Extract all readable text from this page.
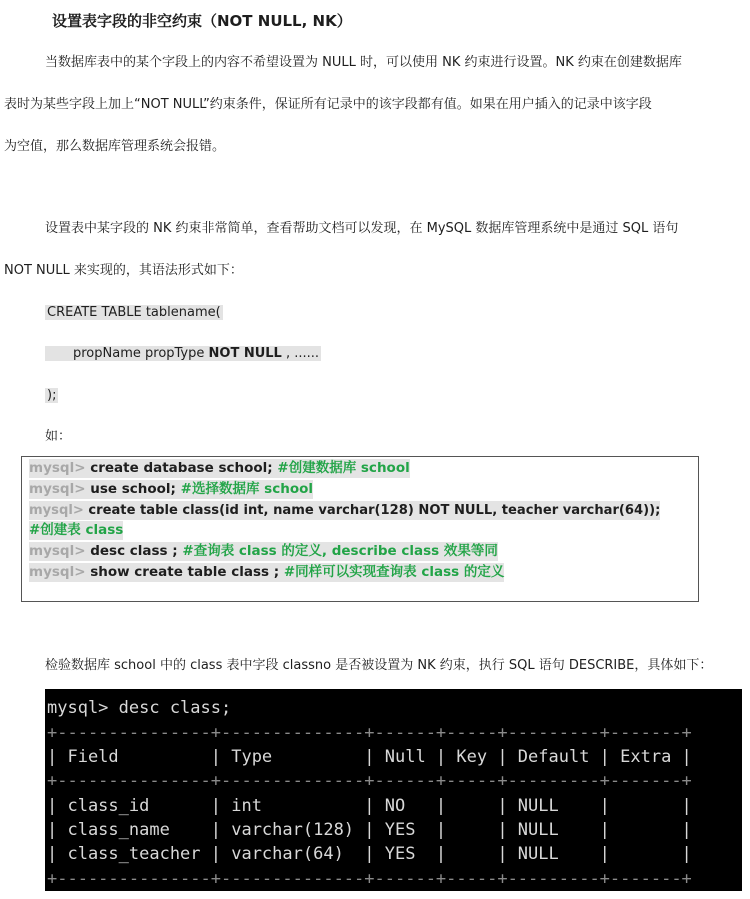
设置表字段的非空约束（NOT NULL, NK）
当数据库表中的某个字段上的内容不希望设置为 NULL 时，可以使用 NK 约束进行设置。NK 约束在创建数据库
表时为某些字段上加上“NOT NULL”约束条件，保证所有记录中的该字段都有值。如果在用户插入的记录中该字段
为空值，那么数据库管理系统会报错。
设置表中某字段的 NK 约束非常简单，查看帮助文档可以发现，在 MySQL 数据库管理系统中是通过 SQL 语句
NOT NULL 来实现的，其语法形式如下：
CREATE TABLE tablename(
propName propType NOT NULL , ......
);
如：
mysql> create database school; #创建数据库 school
mysql> use school; #选择数据库 school
mysql> create table class(id int, name varchar(128) NOT NULL, teacher varchar(64));
#创建表 class
mysql> desc class ; #查询表 class 的定义, describe class 效果等同
mysql> show create table class ; #同样可以实现查询表 class 的定义
检验数据库 school 中的 class 表中字段 classno 是否被设置为 NK 约束，执行 SQL 语句 DESCRIBE，具体如下：
mysql> desc class;
+---------------+--------------+------+-----+---------+-------+
| Field         | Type         | Null | Key | Default | Extra |
+---------------+--------------+------+-----+---------+-------+
| class_id      | int          | NO   |     | NULL    |       |
| class_name    | varchar(128) | YES  |     | NULL    |       |
| class_teacher | varchar(64)  | YES  |     | NULL    |       |
+---------------+--------------+------+-----+---------+-------+
